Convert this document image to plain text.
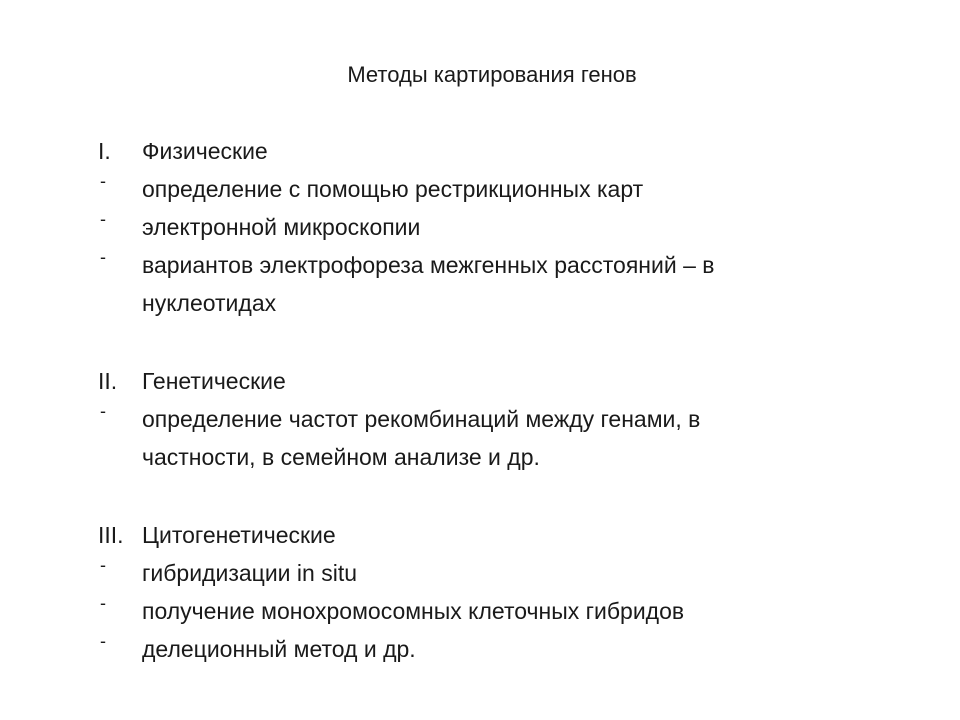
Методы картирования генов
I.	Физические
- определение с помощью рестрикционных карт
- электронной микроскопии
- вариантов электрофореза межгенных расстояний – в
нуклеотидах
II.	Генетические
- определение частот рекомбинаций между генами, в
частности, в семейном анализе и др.
III. Цитогенетические
- гибридизации in situ
- получение монохромосомных клеточных гибридов
- делеционный метод и др.
